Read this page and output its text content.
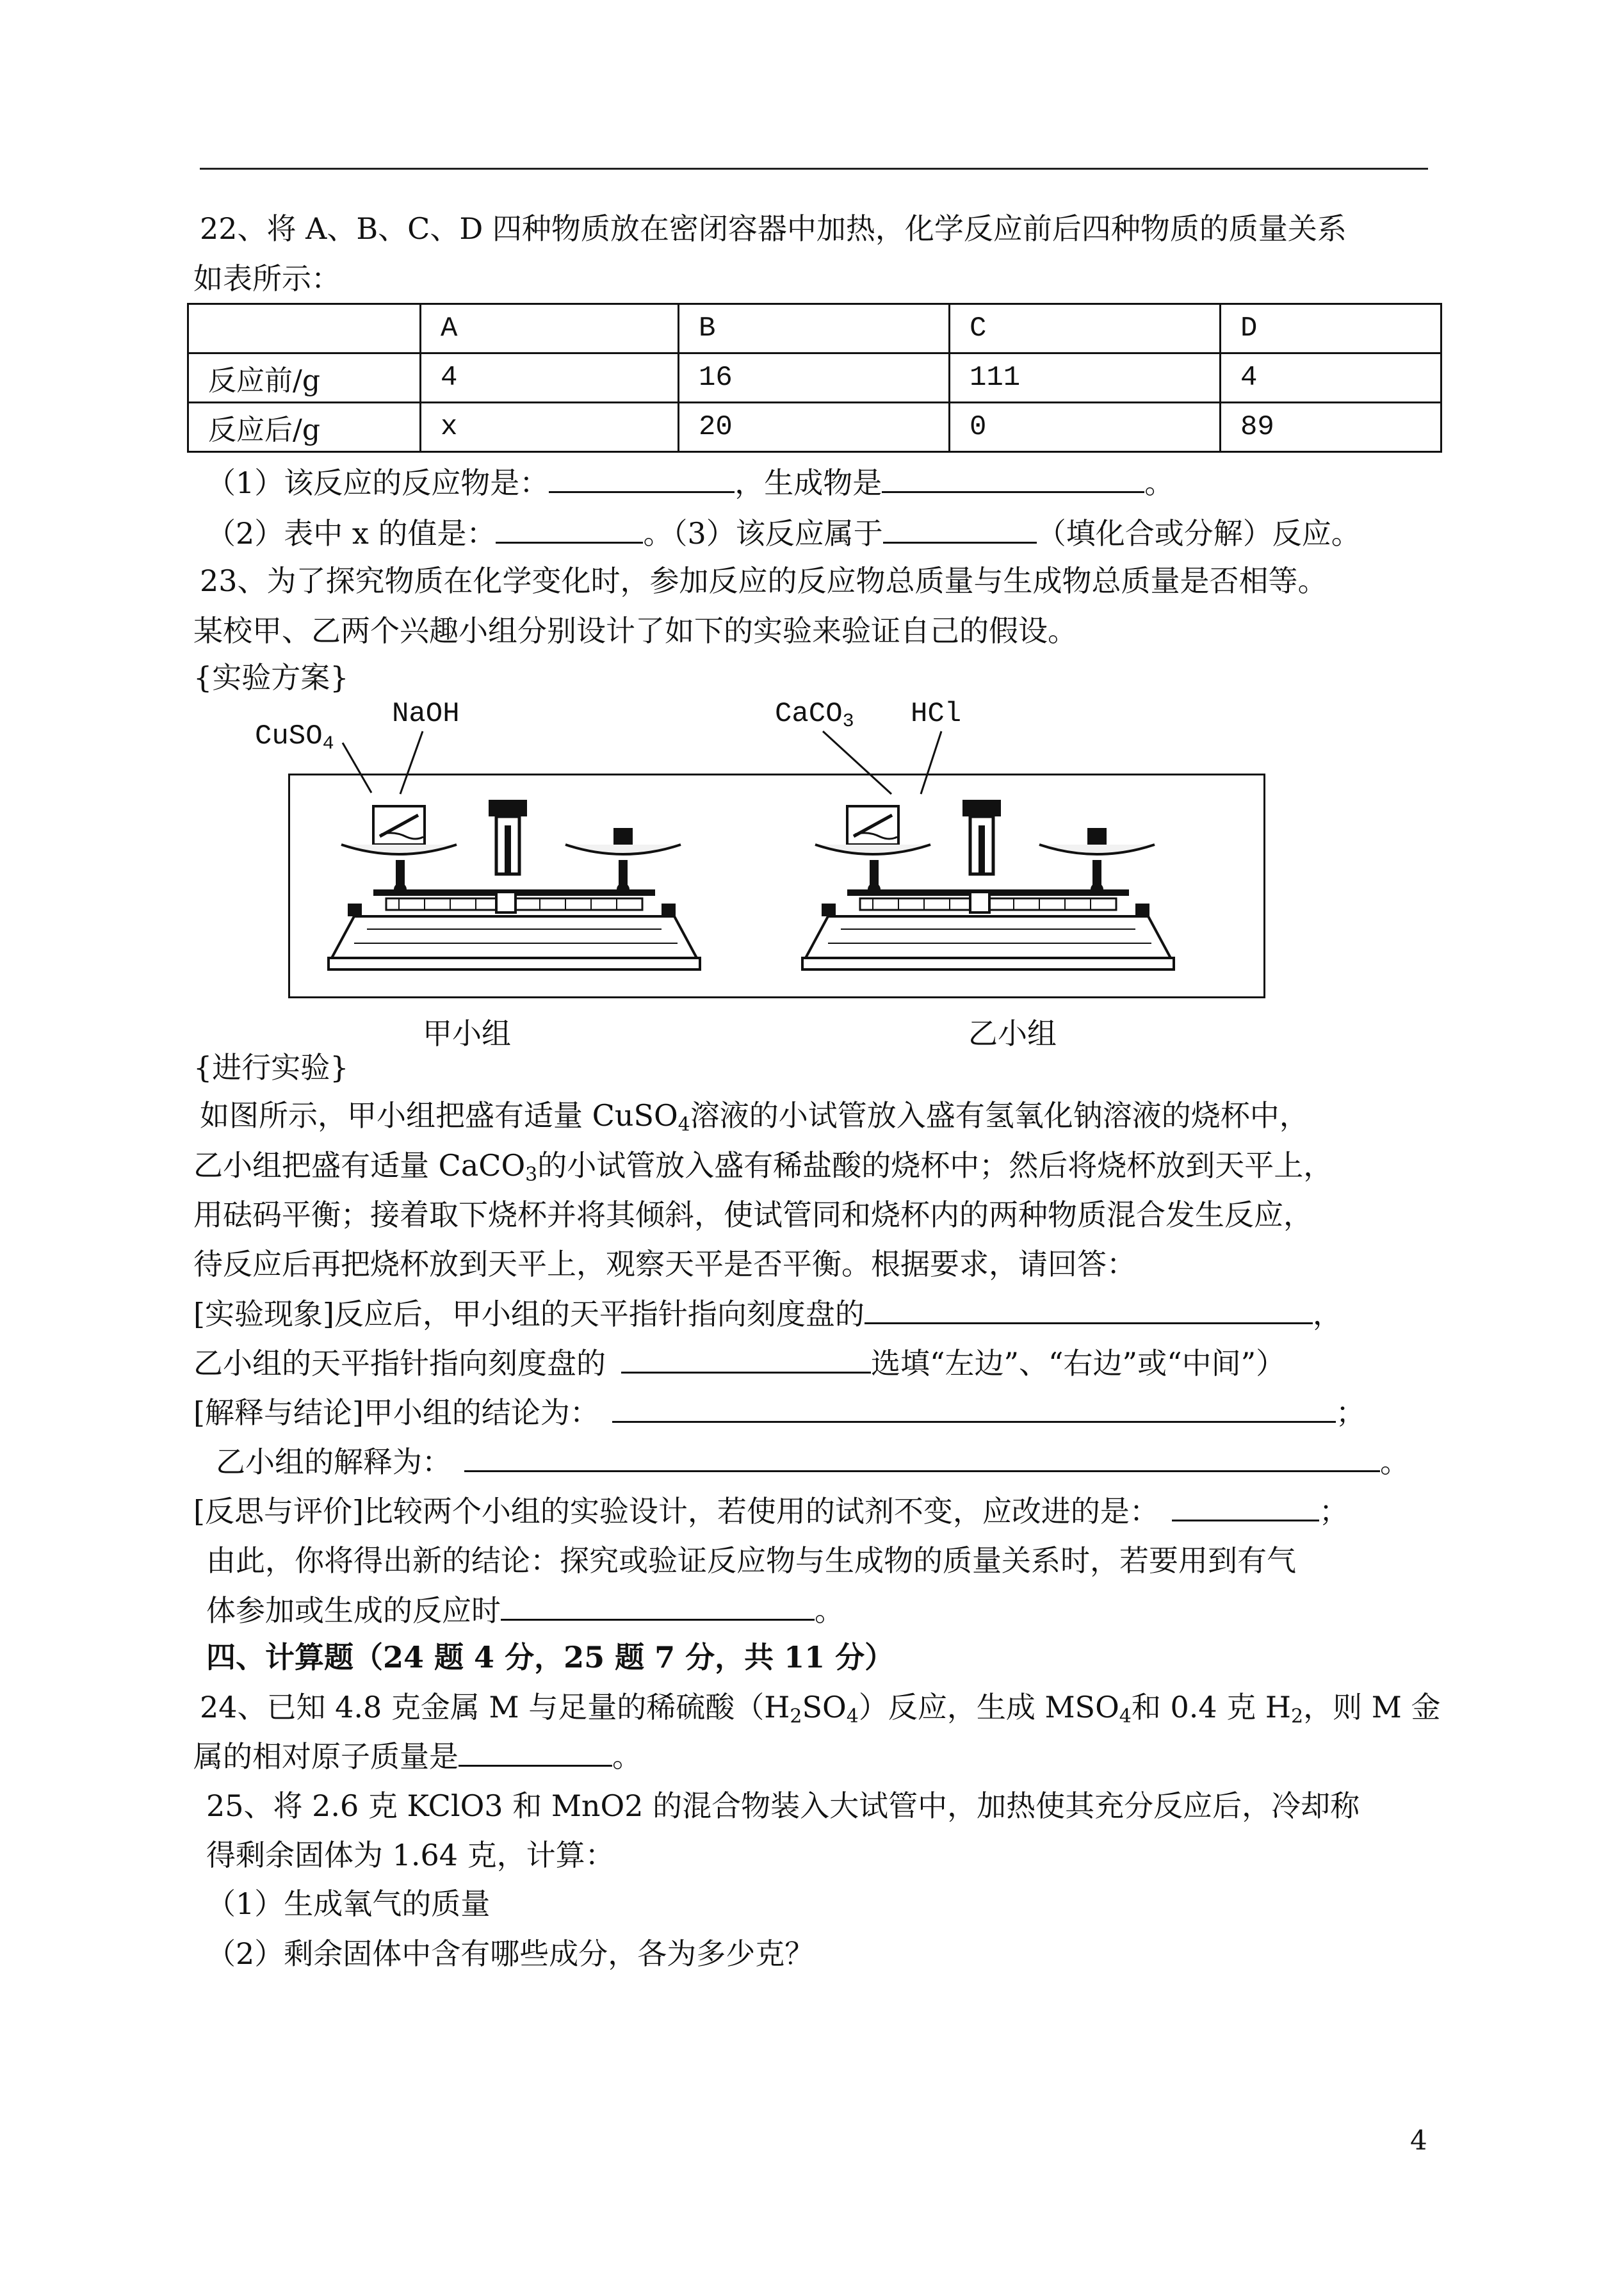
22、将 A、B、C、D 四种物质放在密闭容器中加热，化学反应前后四种物质的质量关系
如表所示：
	A	B	C	D
反应前/g	4	16	111	4
反应后/g	x	20	0	89
（1）该反应的反应物是：	，生成物是	。
（2）表中 x 的值是：	。（3）该反应属于	（填化合或分解）反应。
23、为了探究物质在化学变化时，参加反应的反应物总质量与生成物总质量是否相等。
某校甲、乙两个兴趣小组分别设计了如下的实验来验证自己的假设。
{实验方案}
CuSO$_4$
NaOH	CaCO$_3$ HCl
甲小组	乙小组
{进行实验}
如图所示，甲小组把盛有适量 CuSO$_4$溶液的小试管放入盛有氢氧化钠溶液的烧杯中，
乙小组把盛有适量 CaCO$_3$的小试管放入盛有稀盐酸的烧杯中；然后将烧杯放到天平上，
用砝码平衡；接着取下烧杯并将其倾斜，使试管同和烧杯内的两种物质混合发生反应，
待反应后再把烧杯放到天平上，观察天平是否平衡。根据要求，请回答：
[实验现象]反应后，甲小组的天平指针指向刻度盘的	，
乙小组的天平指针指向刻度盘的	选填“左边”、“右边”或“中间”）
[解释与结论]甲小组的结论为：	；
乙小组的解释为：	。
[反思与评价]比较两个小组的实验设计，若使用的试剂不变，应改进的是：	；
由此，你将得出新的结论：探究或验证反应物与生成物的质量关系时，若要用到有气
体参加或生成的反应时	。
四、计算题（24 题 4 分，25 题 7 分，共 11 分）
24、已知 4.8 克金属 M 与足量的稀硫酸$(H_2SO_4)$反应，生成 $MSO_4$和 0.4 克 $H_2$，则 M 金
属的相对原子质量是	。
25、将 2.6 克 KClO3 和 MnO2 的混合物装入大试管中，加热使其充分反应后，冷却称
得剩余固体为 1.64 克，计算：
（1）生成氧气的质量
（2）剩余固体中含有哪些成分，各为多少克？
4
